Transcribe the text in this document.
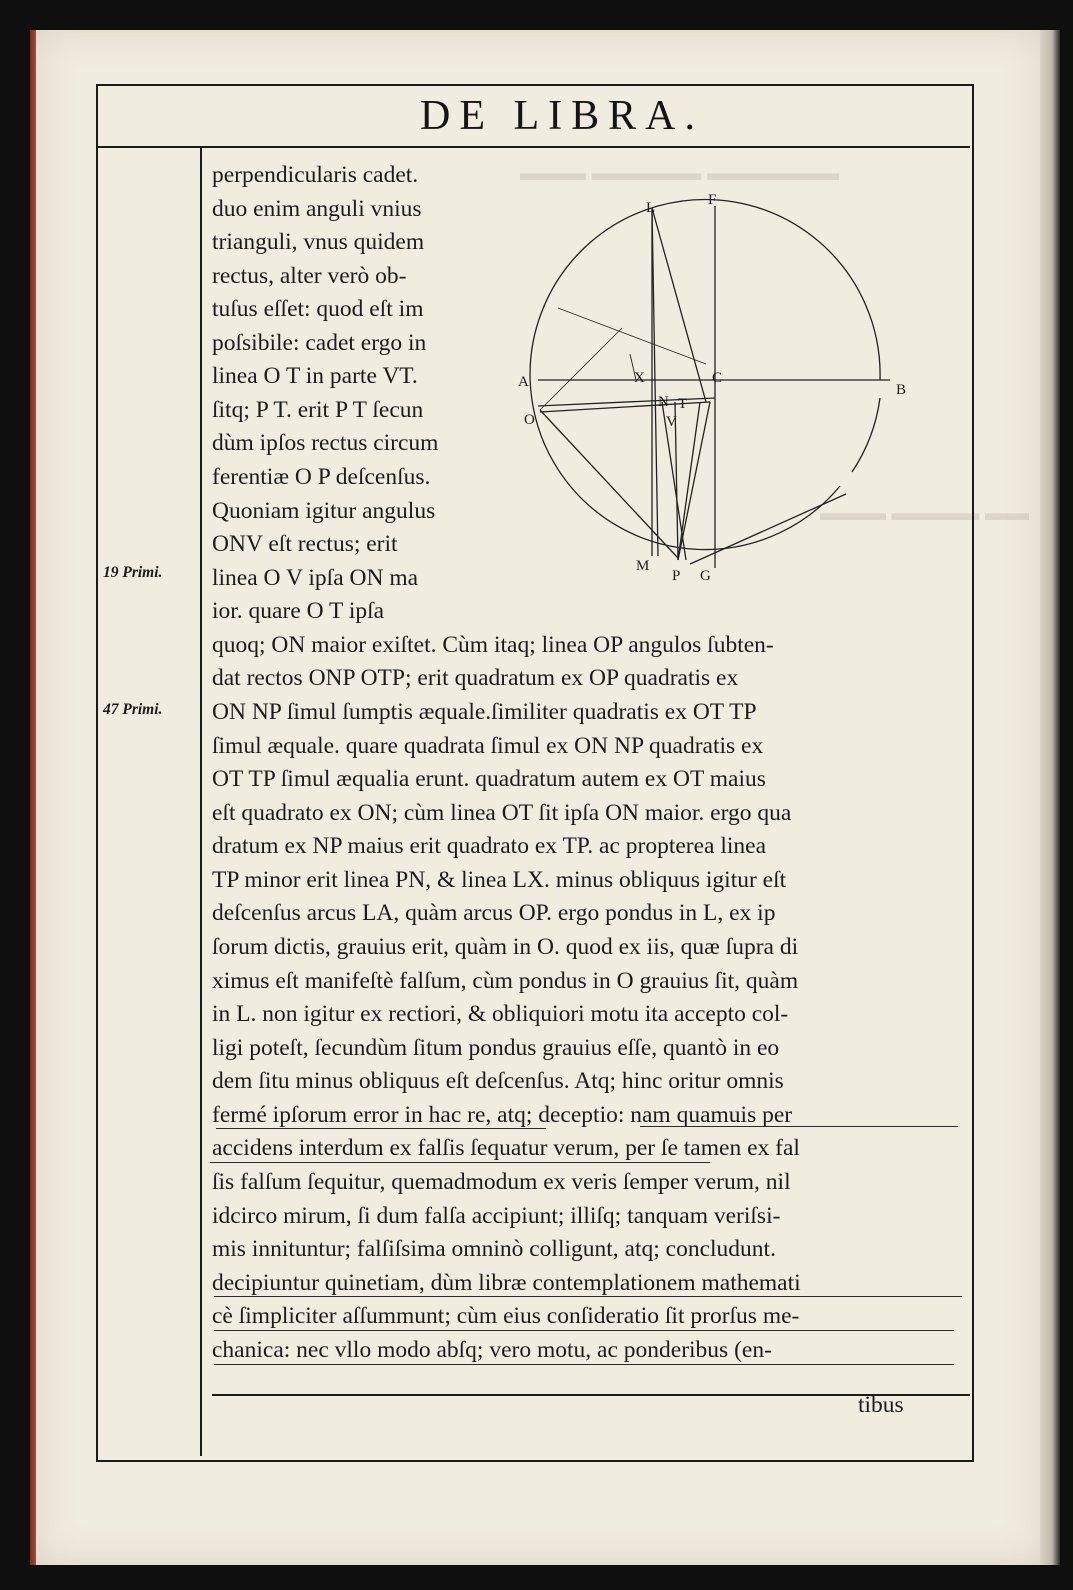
▬▬▬ ▬▬▬▬▬ ▬▬▬▬▬▬
▬▬▬ ▬▬▬▬ ▬▬
DE LIBRA.
L	F
A
O
X	C
B
N T
V
M
P G
perpendicularis cadet.
duo enim anguli vnius
trianguli, vnus quidem
rectus, alter verò ob-
tuſus eſſet: quod eſt im
poſsibile: cadet ergo in
linea O T in parte VT.
ſitq; P T. erit P T ſecun
dùm ipſos rectus circum
ferentiæ O P deſcenſus.
Quoniam igitur angulus
ONV eſt rectus; erit
linea O V ipſa ON ma
ior. quare O T ipſa
quoq; ON maior exiſtet. Cùm itaq; linea OP angulos ſubten-
dat rectos ONP OTP; erit quadratum ex OP quadratis ex
ON NP ſimul ſumptis æquale.ſimiliter quadratis ex OT TP
ſimul æquale. quare quadrata ſimul ex ON NP quadratis ex
OT TP ſimul æqualia erunt. quadratum autem ex OT maius
eſt quadrato ex ON; cùm linea OT ſit ipſa ON maior. ergo qua
dratum ex NP maius erit quadrato ex TP. ac propterea linea
TP minor erit linea PN, & linea LX. minus obliquus igitur eſt
deſcenſus arcus LA, quàm arcus OP. ergo pondus in L, ex ip
ſorum dictis, grauius erit, quàm in O. quod ex iis, quæ ſupra di
ximus eſt manifeſtè falſum, cùm pondus in O grauius ſit, quàm
in L. non igitur ex rectiori, & obliquiori motu ita accepto col-
ligi poteſt, ſecundùm ſitum pondus grauius eſſe, quantò in eo
dem ſitu minus obliquus eſt deſcenſus. Atq; hinc oritur omnis
fermé ipſorum error in hac re, atq; deceptio: nam quamuis per
accidens interdum ex falſis ſequatur verum, per ſe tamen ex fal
ſis falſum ſequitur, quemadmodum ex veris ſemper verum, nil
idcirco mirum, ſi dum falſa accipiunt; illiſq; tanquam veriſsi-
mis innituntur; falſiſsima omninò colligunt, atq; concludunt.
decipiuntur quinetiam, dùm libræ contemplationem mathemati
cè ſimpliciter aſſummunt; cùm eius conſideratio ſit prorſus me-
chanica: nec vllo modo abſq; vero motu, ac ponderibus (en-
19 Primi.
47 Primi.
tibus
